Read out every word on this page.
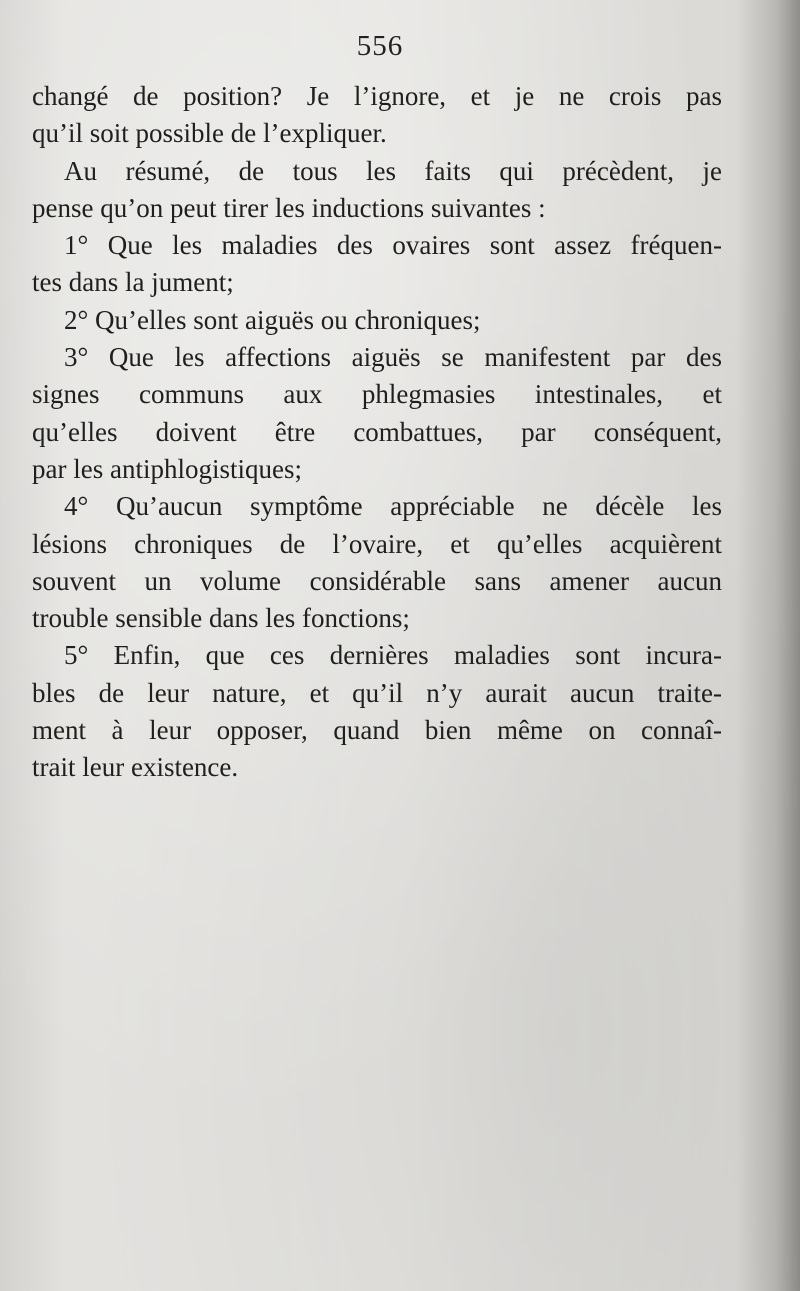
556
changé de position? Je l’ignore, et je ne crois pas
qu’il soit possible de l’expliquer.
Au résumé, de tous les faits qui précèdent, je
pense qu’on peut tirer les inductions suivantes :
1° Que les maladies des ovaires sont assez fréquen-
tes dans la jument;
2° Qu’elles sont aiguës ou chroniques;
3° Que les affections aiguës se manifestent par des
signes communs aux phlegmasies intestinales, et
qu’elles doivent être combattues, par conséquent,
par les antiphlogistiques;
4° Qu’aucun symptôme appréciable ne décèle les
lésions chroniques de l’ovaire, et qu’elles acquièrent
souvent un volume considérable sans amener aucun
trouble sensible dans les fonctions;
5° Enfin, que ces dernières maladies sont incura-
bles de leur nature, et qu’il n’y aurait aucun traite-
ment à leur opposer, quand bien même on connaî-
trait leur existence.
